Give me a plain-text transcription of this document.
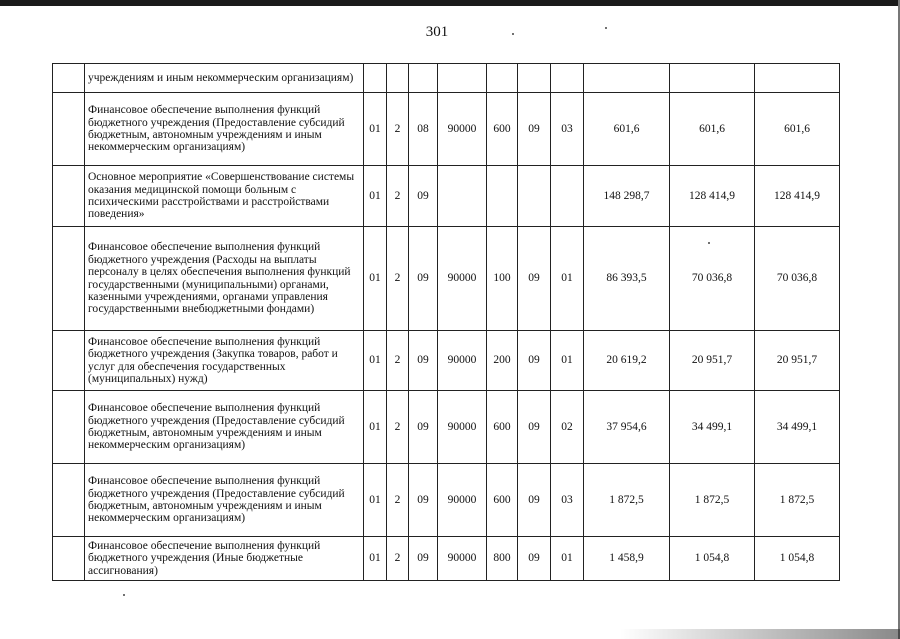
301
	учреждениям и иным некоммерческим организациям)										
	Финансовое обеспечение выполнения функций бюджетного учреждения (Предоставление субсидий бюджетным, автономным учреждениям и иным некоммерческим организациям)	01	2	08	90000	600	09	03	601,6	601,6	601,6
	Основное мероприятие «Совершенствование системы оказания медицинской помощи больным с психическими расстройствами и расстройствами поведения»	01	2	09					148 298,7	128 414,9	128 414,9
	Финансовое обеспечение выполнения функций бюджетного учреждения (Расходы на выплаты персоналу в целях обеспечения выполнения функций государственными (муниципальными) органами, казенными учреждениями, органами управления государственными внебюджетными фондами)	01	2	09	90000	100	09	01	86 393,5	70 036,8	70 036,8
	Финансовое обеспечение выполнения функций бюджетного учреждения (Закупка товаров, работ и услуг для обеспечения государственных (муниципальных) нужд)	01	2	09	90000	200	09	01	20 619,2	20 951,7	20 951,7
	Финансовое обеспечение выполнения функций бюджетного учреждения (Предоставление субсидий бюджетным, автономным учреждениям и иным некоммерческим организациям)	01	2	09	90000	600	09	02	37 954,6	34 499,1	34 499,1
	Финансовое обеспечение выполнения функций бюджетного учреждения (Предоставление субсидий бюджетным, автономным учреждениям и иным некоммерческим организациям)	01	2	09	90000	600	09	03	1 872,5	1 872,5	1 872,5
	Финансовое обеспечение выполнения функций бюджетного учреждения (Иные бюджетные ассигнования)	01	2	09	90000	800	09	01	1 458,9	1 054,8	1 054,8
